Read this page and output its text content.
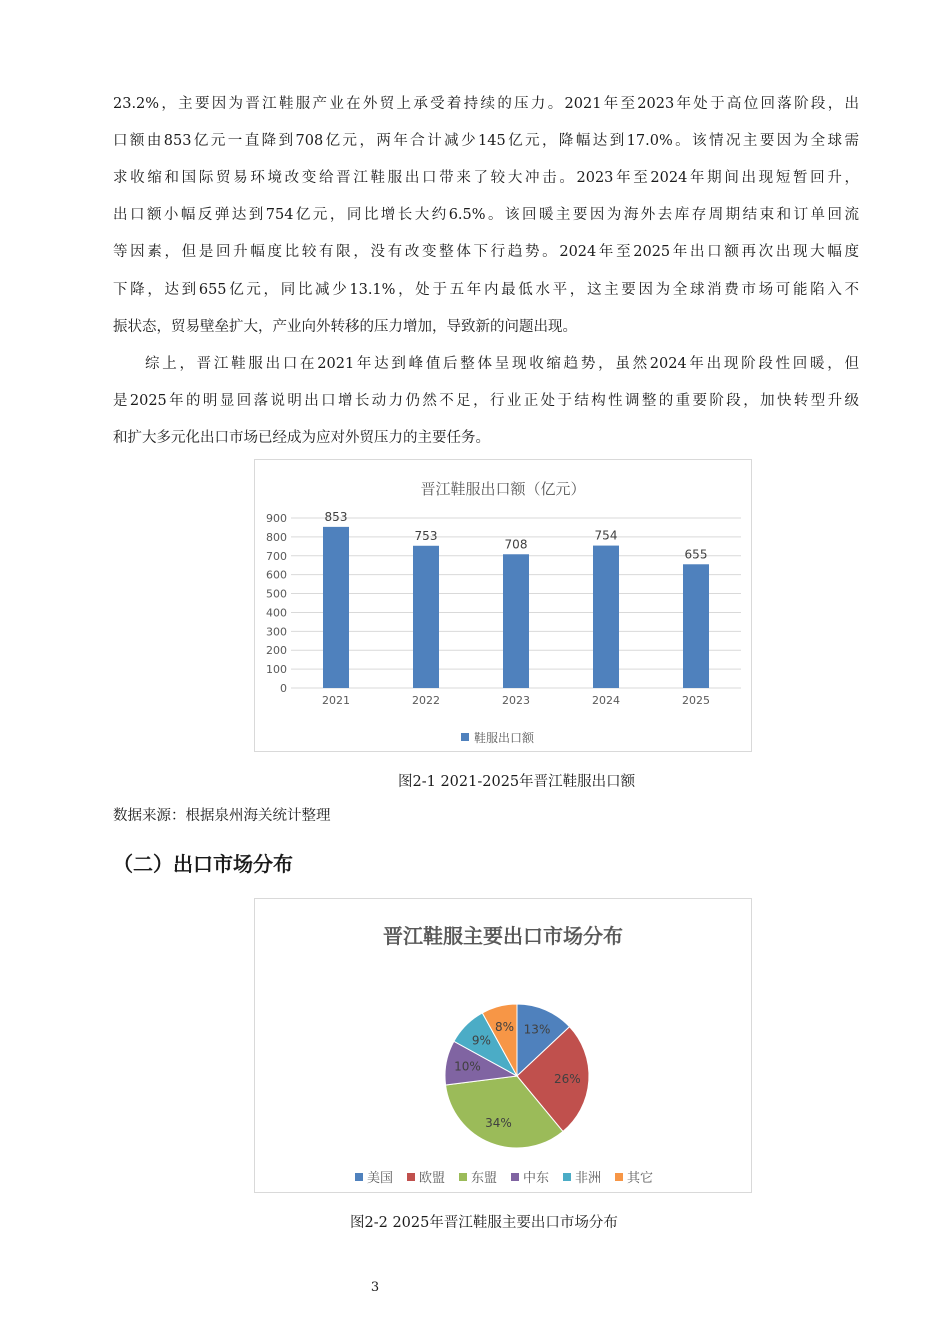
23.2%，主要因为晋江鞋服产业在外贸上承受着持续的压力。2021年至2023年处于高位回落阶段，出
口额由853亿元一直降到708亿元，两年合计减少145亿元，降幅达到17.0%。该情况主要因为全球需
求收缩和国际贸易环境改变给晋江鞋服出口带来了较大冲击。2023年至2024年期间出现短暂回升，
出口额小幅反弹达到754亿元，同比增长大约6.5%。该回暖主要因为海外去库存周期结束和订单回流
等因素，但是回升幅度比较有限，没有改变整体下行趋势。2024年至2025年出口额再次出现大幅度
下降，达到655亿元，同比减少13.1%，处于五年内最低水平，这主要因为全球消费市场可能陷入不
振状态，贸易壁垒扩大，产业向外转移的压力增加，导致新的问题出现。
综上，晋江鞋服出口在2021年达到峰值后整体呈现收缩趋势，虽然2024年出现阶段性回暖，但
是2025年的明显回落说明出口增长动力仍然不足，行业正处于结构性调整的重要阶段，加快转型升级
和扩大多元化出口市场已经成为应对外贸压力的主要任务。
晋江鞋服出口额（亿元）
0
100
200
300
400
500
600
700
800
900	853
2021
753
2022
708
2023
754
2024
655
2025
鞋服出口额
图2-1 2021-2025年晋江鞋服出口额
数据来源：根据泉州海关统计整理
（二）出口市场分布
晋江鞋服主要出口市场分布
13%
26%
34%
10%
9%
8%
美国 欧盟 东盟 中东 非洲 其它
图2-2 2025年晋江鞋服主要出口市场分布
3
